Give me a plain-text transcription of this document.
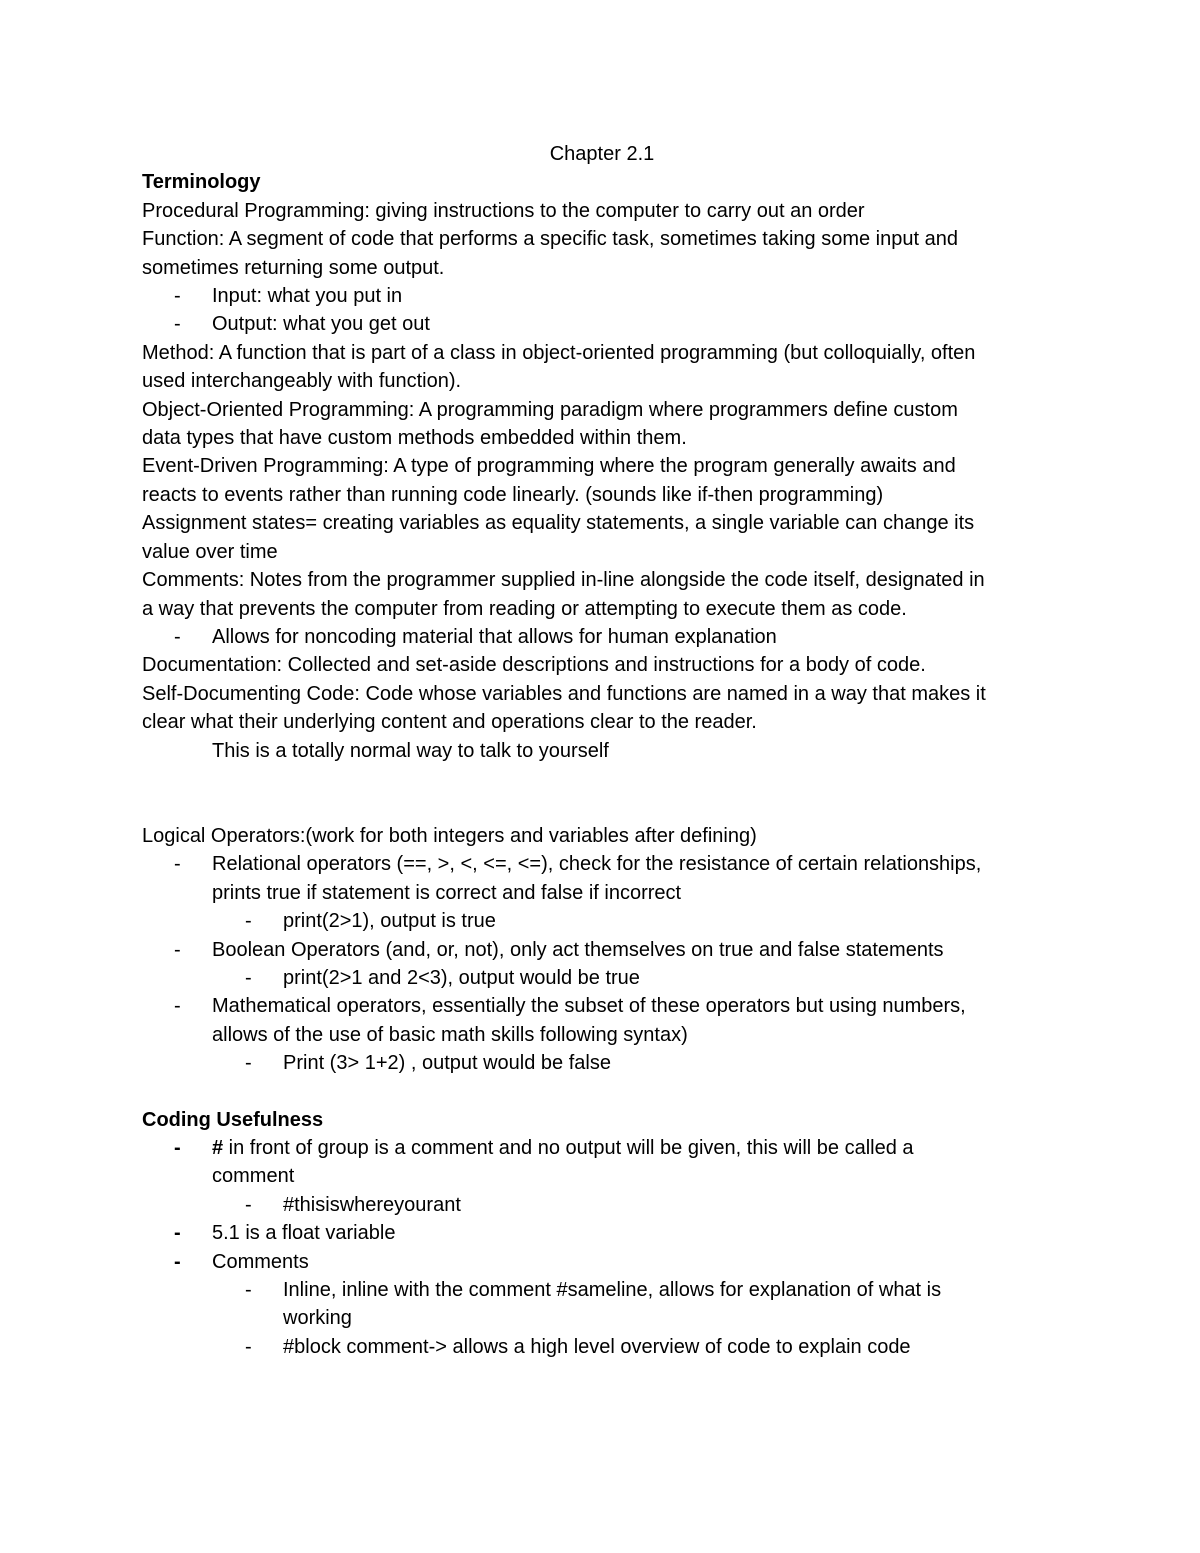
Chapter 2.1

Terminology

Procedural Programming: giving instructions to the computer to carry out an order

Function: A segment of code that performs a specific task, sometimes taking some input and

sometimes returning some output.

-	Input: what you put in
-	Output: what you get out

Method: A function that is part of a class in object-oriented programming (but colloquially, often

used interchangeably with function).

Object-Oriented Programming: A programming paradigm where programmers define custom

data types that have custom methods embedded within them.

Event-Driven Programming: A type of programming where the program generally awaits and

reacts to events rather than running code linearly. (sounds like if-then programming)

Assignment states= creating variables as equality statements, a single variable can change its

value over time

Comments: Notes from the programmer supplied in-line alongside the code itself, designated in

a way that prevents the computer from reading or attempting to execute them as code.

-	Allows for noncoding material that allows for human explanation

Documentation: Collected and set-aside descriptions and instructions for a body of code.

Self-Documenting Code: Code whose variables and functions are named in a way that makes it

clear what their underlying content and operations clear to the reader.

This is a totally normal way to talk to yourself

Logical Operators:(work for both integers and variables after defining)

-	Relational operators (==, >, <, <=, <=), check for the resistance of certain relationships,
prints true if statement is correct and false if incorrect
-	print(2>1), output is true
-	Boolean Operators (and, or, not), only act themselves on true and false statements
-	print(2>1 and 2<3), output would be true
-	Mathematical operators, essentially the subset of these operators but using numbers,
allows of the use of basic math skills following syntax)
-	Print (3> 1+2) , output would be false

Coding Usefulness

-	# in front of group is a comment and no output will be given, this will be called a
comment
-	#thisiswhereyourant
-	5.1 is a float variable
-	Comments
-	Inline, inline with the comment #sameline, allows for explanation of what is
working
-	#block comment-> allows a high level overview of code to explain code
